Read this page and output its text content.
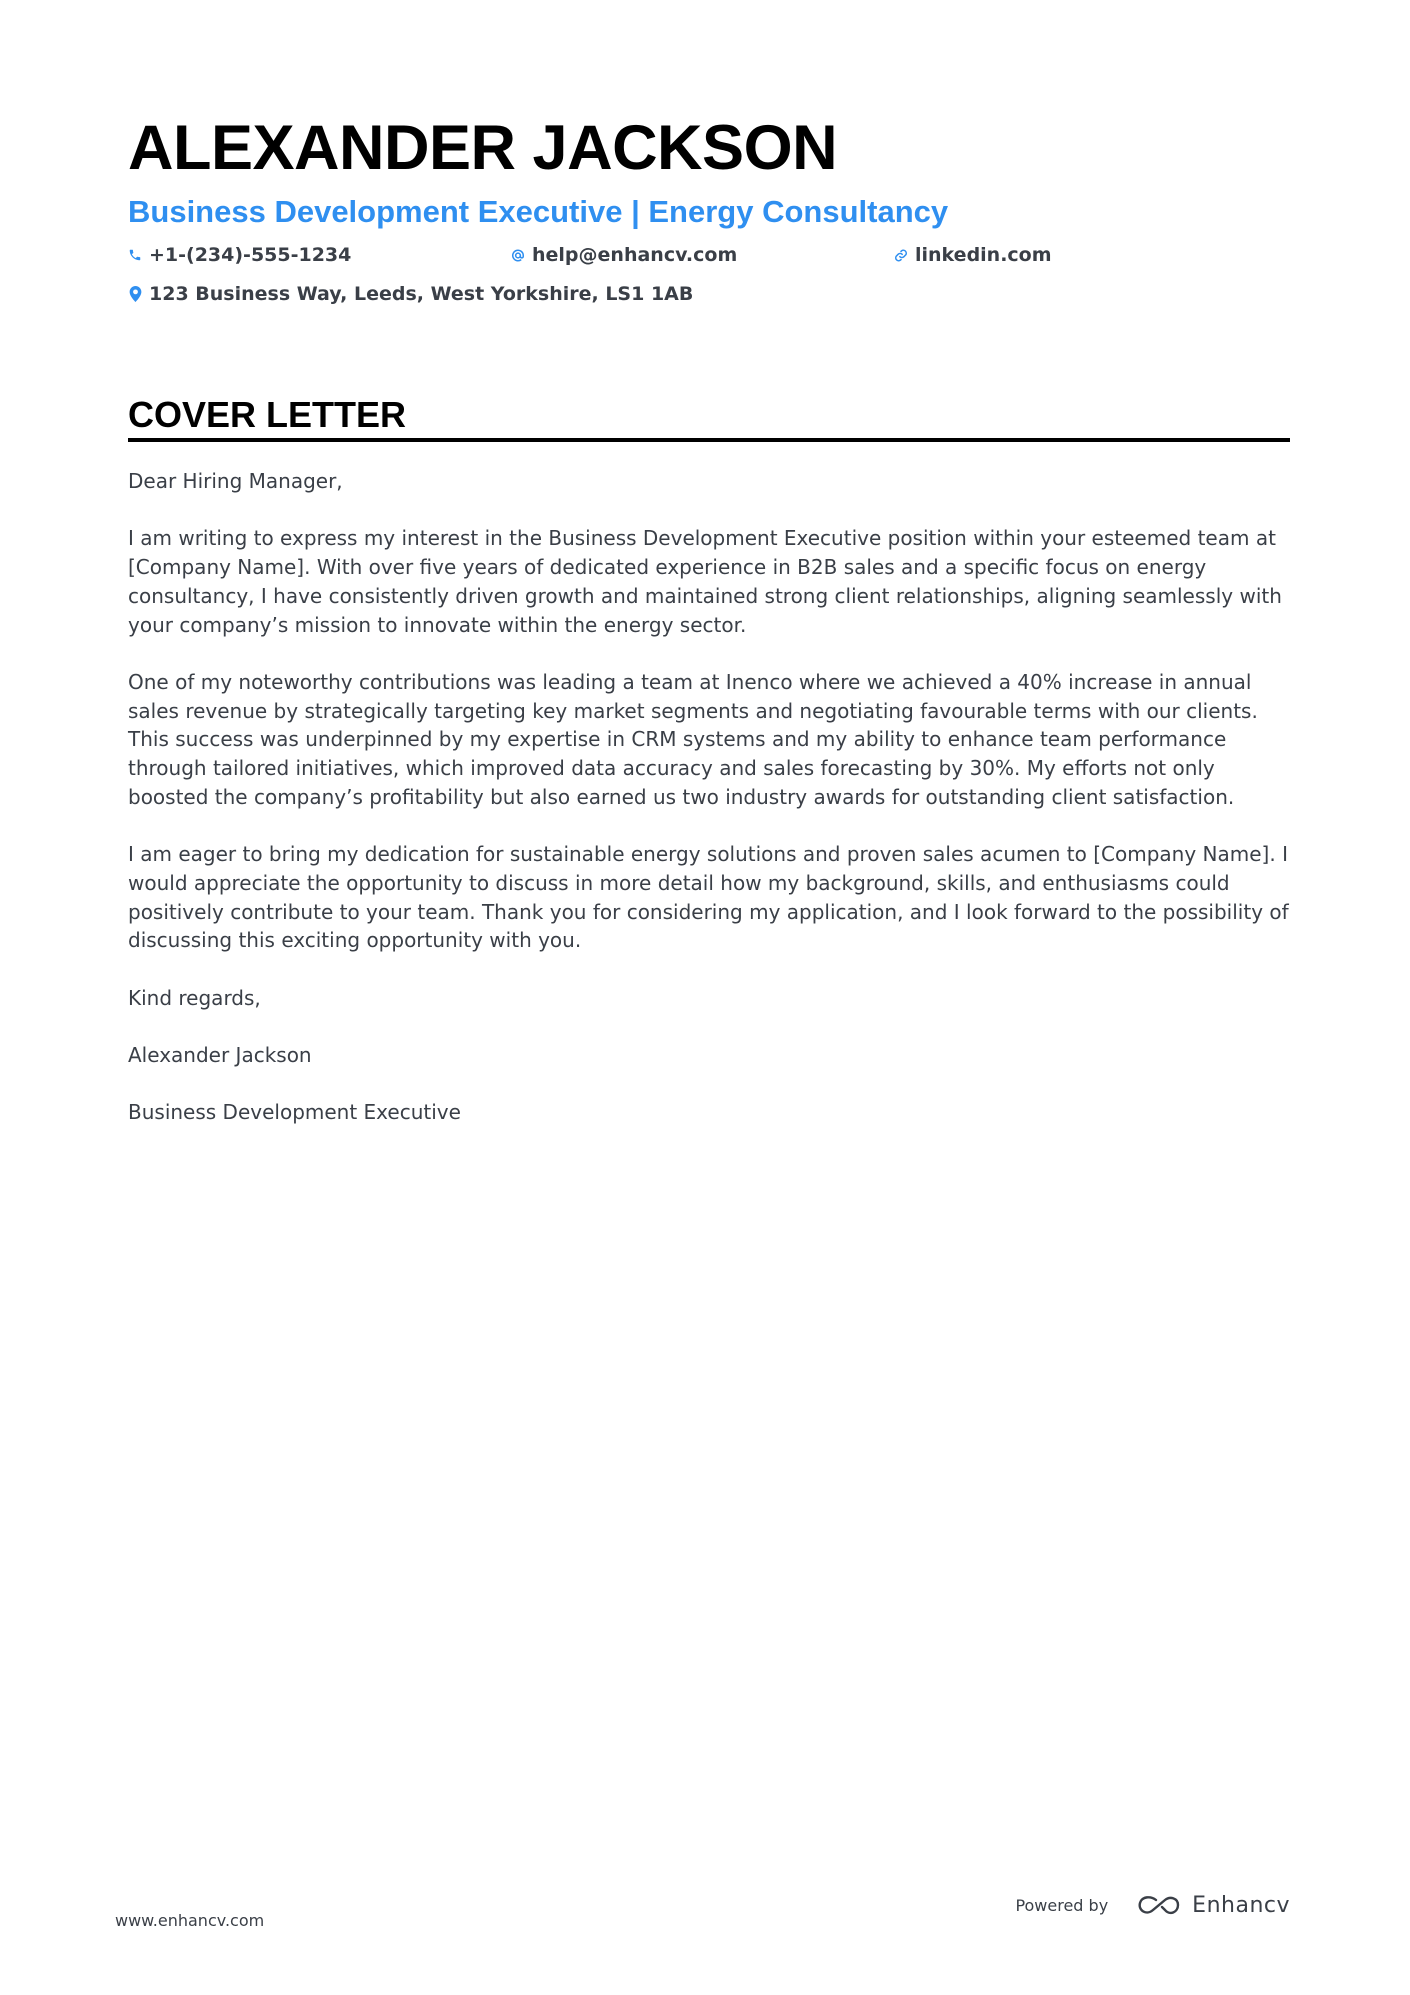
ALEXANDER JACKSON
Business Development Executive | Energy Consultancy
+1-(234)-555-1234	help@enhancv.com	linkedin.com
123 Business Way, Leeds, West Yorkshire, LS1 1AB
COVER LETTER

Dear Hiring Manager,

I am writing to express my interest in the Business Development Executive position within your esteemed team at [Company Name]. With over five years of dedicated experience in B2B sales and a specific focus on energy consultancy, I have consistently driven growth and maintained strong client relationships, aligning seamlessly with your company’s mission to innovate within the energy sector.

One of my noteworthy contributions was leading a team at Inenco where we achieved a 40% increase in annual sales revenue by strategically targeting key market segments and negotiating favourable terms with our clients. This success was underpinned by my expertise in CRM systems and my ability to enhance team performance through tailored initiatives, which improved data accuracy and sales forecasting by 30%. My efforts not only boosted the company’s profitability but also earned us two industry awards for outstanding client satisfaction.

I am eager to bring my dedication for sustainable energy solutions and proven sales acumen to [Company Name]. I would appreciate the opportunity to discuss in more detail how my background, skills, and enthusiasms could positively contribute to your team. Thank you for considering my application, and I look forward to the possibility of discussing this exciting opportunity with you.

Kind regards,

Alexander Jackson

Business Development Executive

www.enhancv.com
Powered by	Enhancv
